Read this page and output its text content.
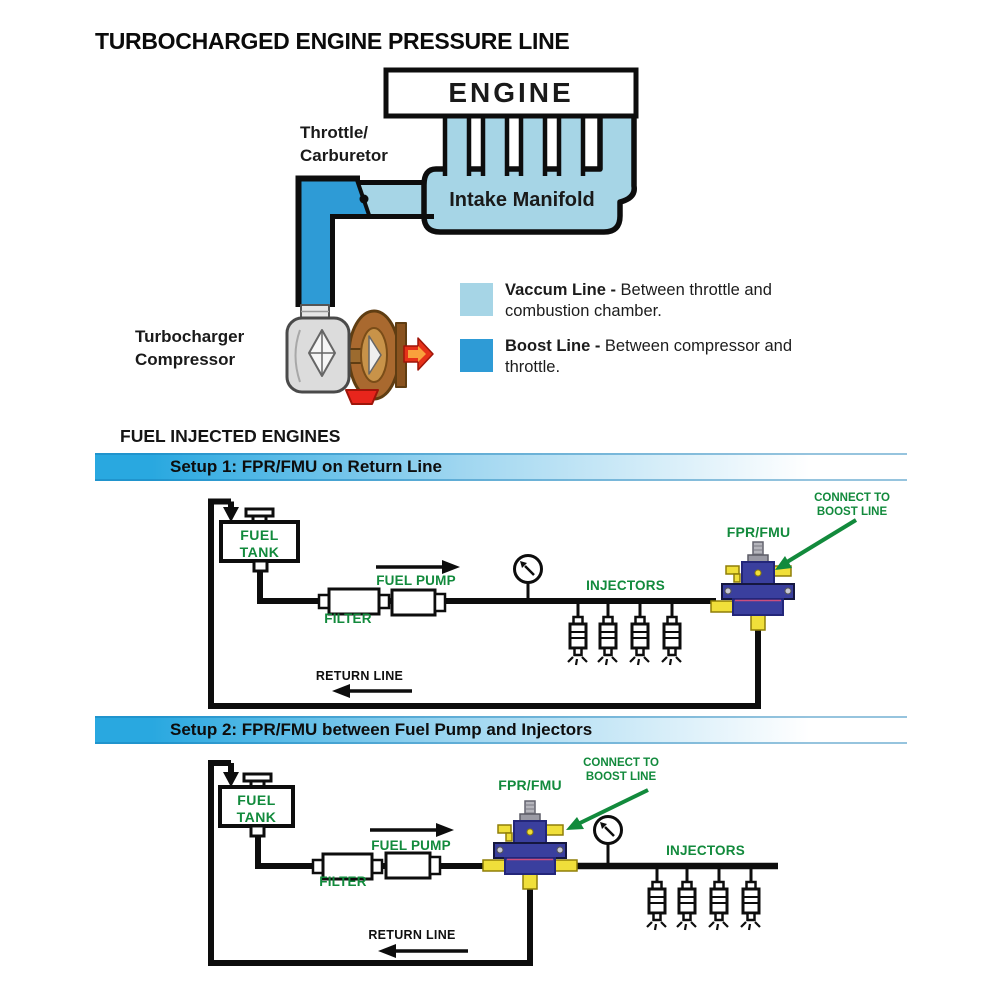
TURBOCHARGED ENGINE PRESSURE LINE
ENGINE
Intake Manifold
Throttle/
Carburetor
Turbocharger
Compressor
Vaccum Line - Between throttle and combustion chamber.
Boost Line - Between compressor and throttle.
FUEL INJECTED ENGINES
Setup 1: FPR/FMU on Return Line
Setup 2: FPR/FMU between Fuel Pump and Injectors
FUEL
TANK
FUEL PUMP
FILTER
INJECTORS
FPR/FMU
CONNECT TO
BOOST LINE
RETURN LINE
FUEL
TANK
FUEL PUMP
FILTER
INJECTORS
FPR/FMU
CONNECT TO
BOOST LINE
RETURN LINE
